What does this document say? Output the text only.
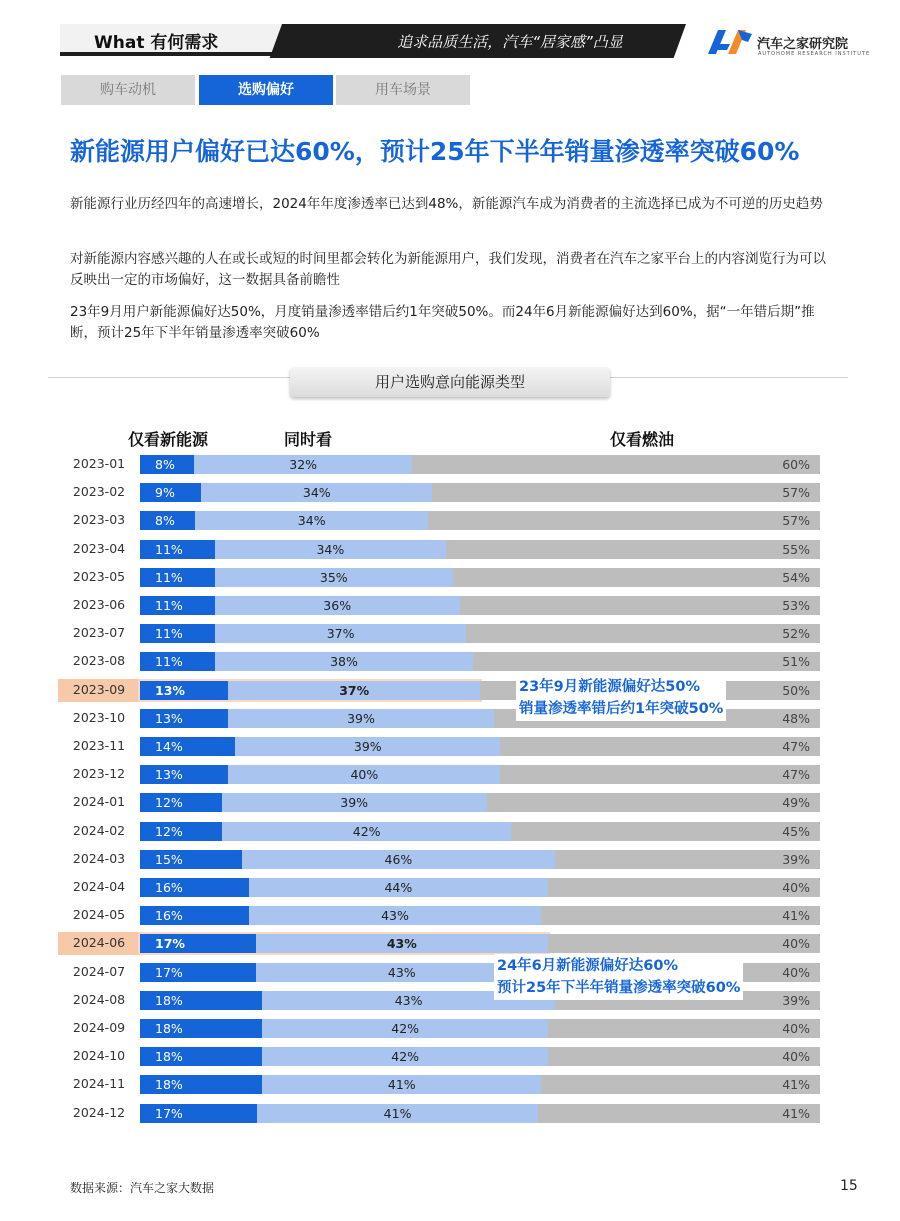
What 有何需求	追求品质生活，汽车“居家感”凸显	汽车之家研究院
AUTOHOME RESEARCH INSTITUTE
购车动机	选购偏好	用车场景
新能源用户偏好已达60%，预计25年下半年销量渗透率突破60%
新能源行业历经四年的高速增长，2024年年度渗透率已达到48%，新能源汽车成为消费者的主流选择已成为不可逆的历史趋势
对新能源内容感兴趣的人在或长或短的时间里都会转化为新能源用户，我们发现，消费者在汽车之家平台上的内容浏览行为可以反映出一定的市场偏好，这一数据具备前瞻性
23年9月用户新能源偏好达50%，月度销量渗透率错后约1年突破50%。而24年6月新能源偏好达到60%，据“一年错后期”推断，预计25年下半年销量渗透率突破60%
用户选购意向能源类型
仅看新能源	同时看	仅看燃油
2023-01	8%	32%	60%
2023-02	9%	34%	57%
2023-03	8%	34%	57%
2023-04	11%	34%	55%
2023-05	11%	35%	54%
2023-06	11%	36%	53%
2023-07	11%	37%	52%
2023-08	11%	38%	51%
2023-09	13%	37%	50%
2023-10	13%	39%	48%
2023-11	14%	39%	47%
2023-12	13%	40%	47%
2024-01	12%	39%	49%
2024-02	12%	42%	45%
2024-03	15%	46%	39%
2024-04	16%	44%	40%
2024-05	16%	43%	41%
2024-06	17%	43%	40%
2024-07	17%	43%	40%
2024-08	18%	43%	39%
2024-09	18%	42%	40%
2024-10	18%	42%	40%
2024-11	18%	41%	41%
2024-12	17%	41%	41%
23年9月新能源偏好达50%
销量渗透率错后约1年突破50%
24年6月新能源偏好达60%
预计25年下半年销量渗透率突破60%
数据来源：汽车之家大数据	15
